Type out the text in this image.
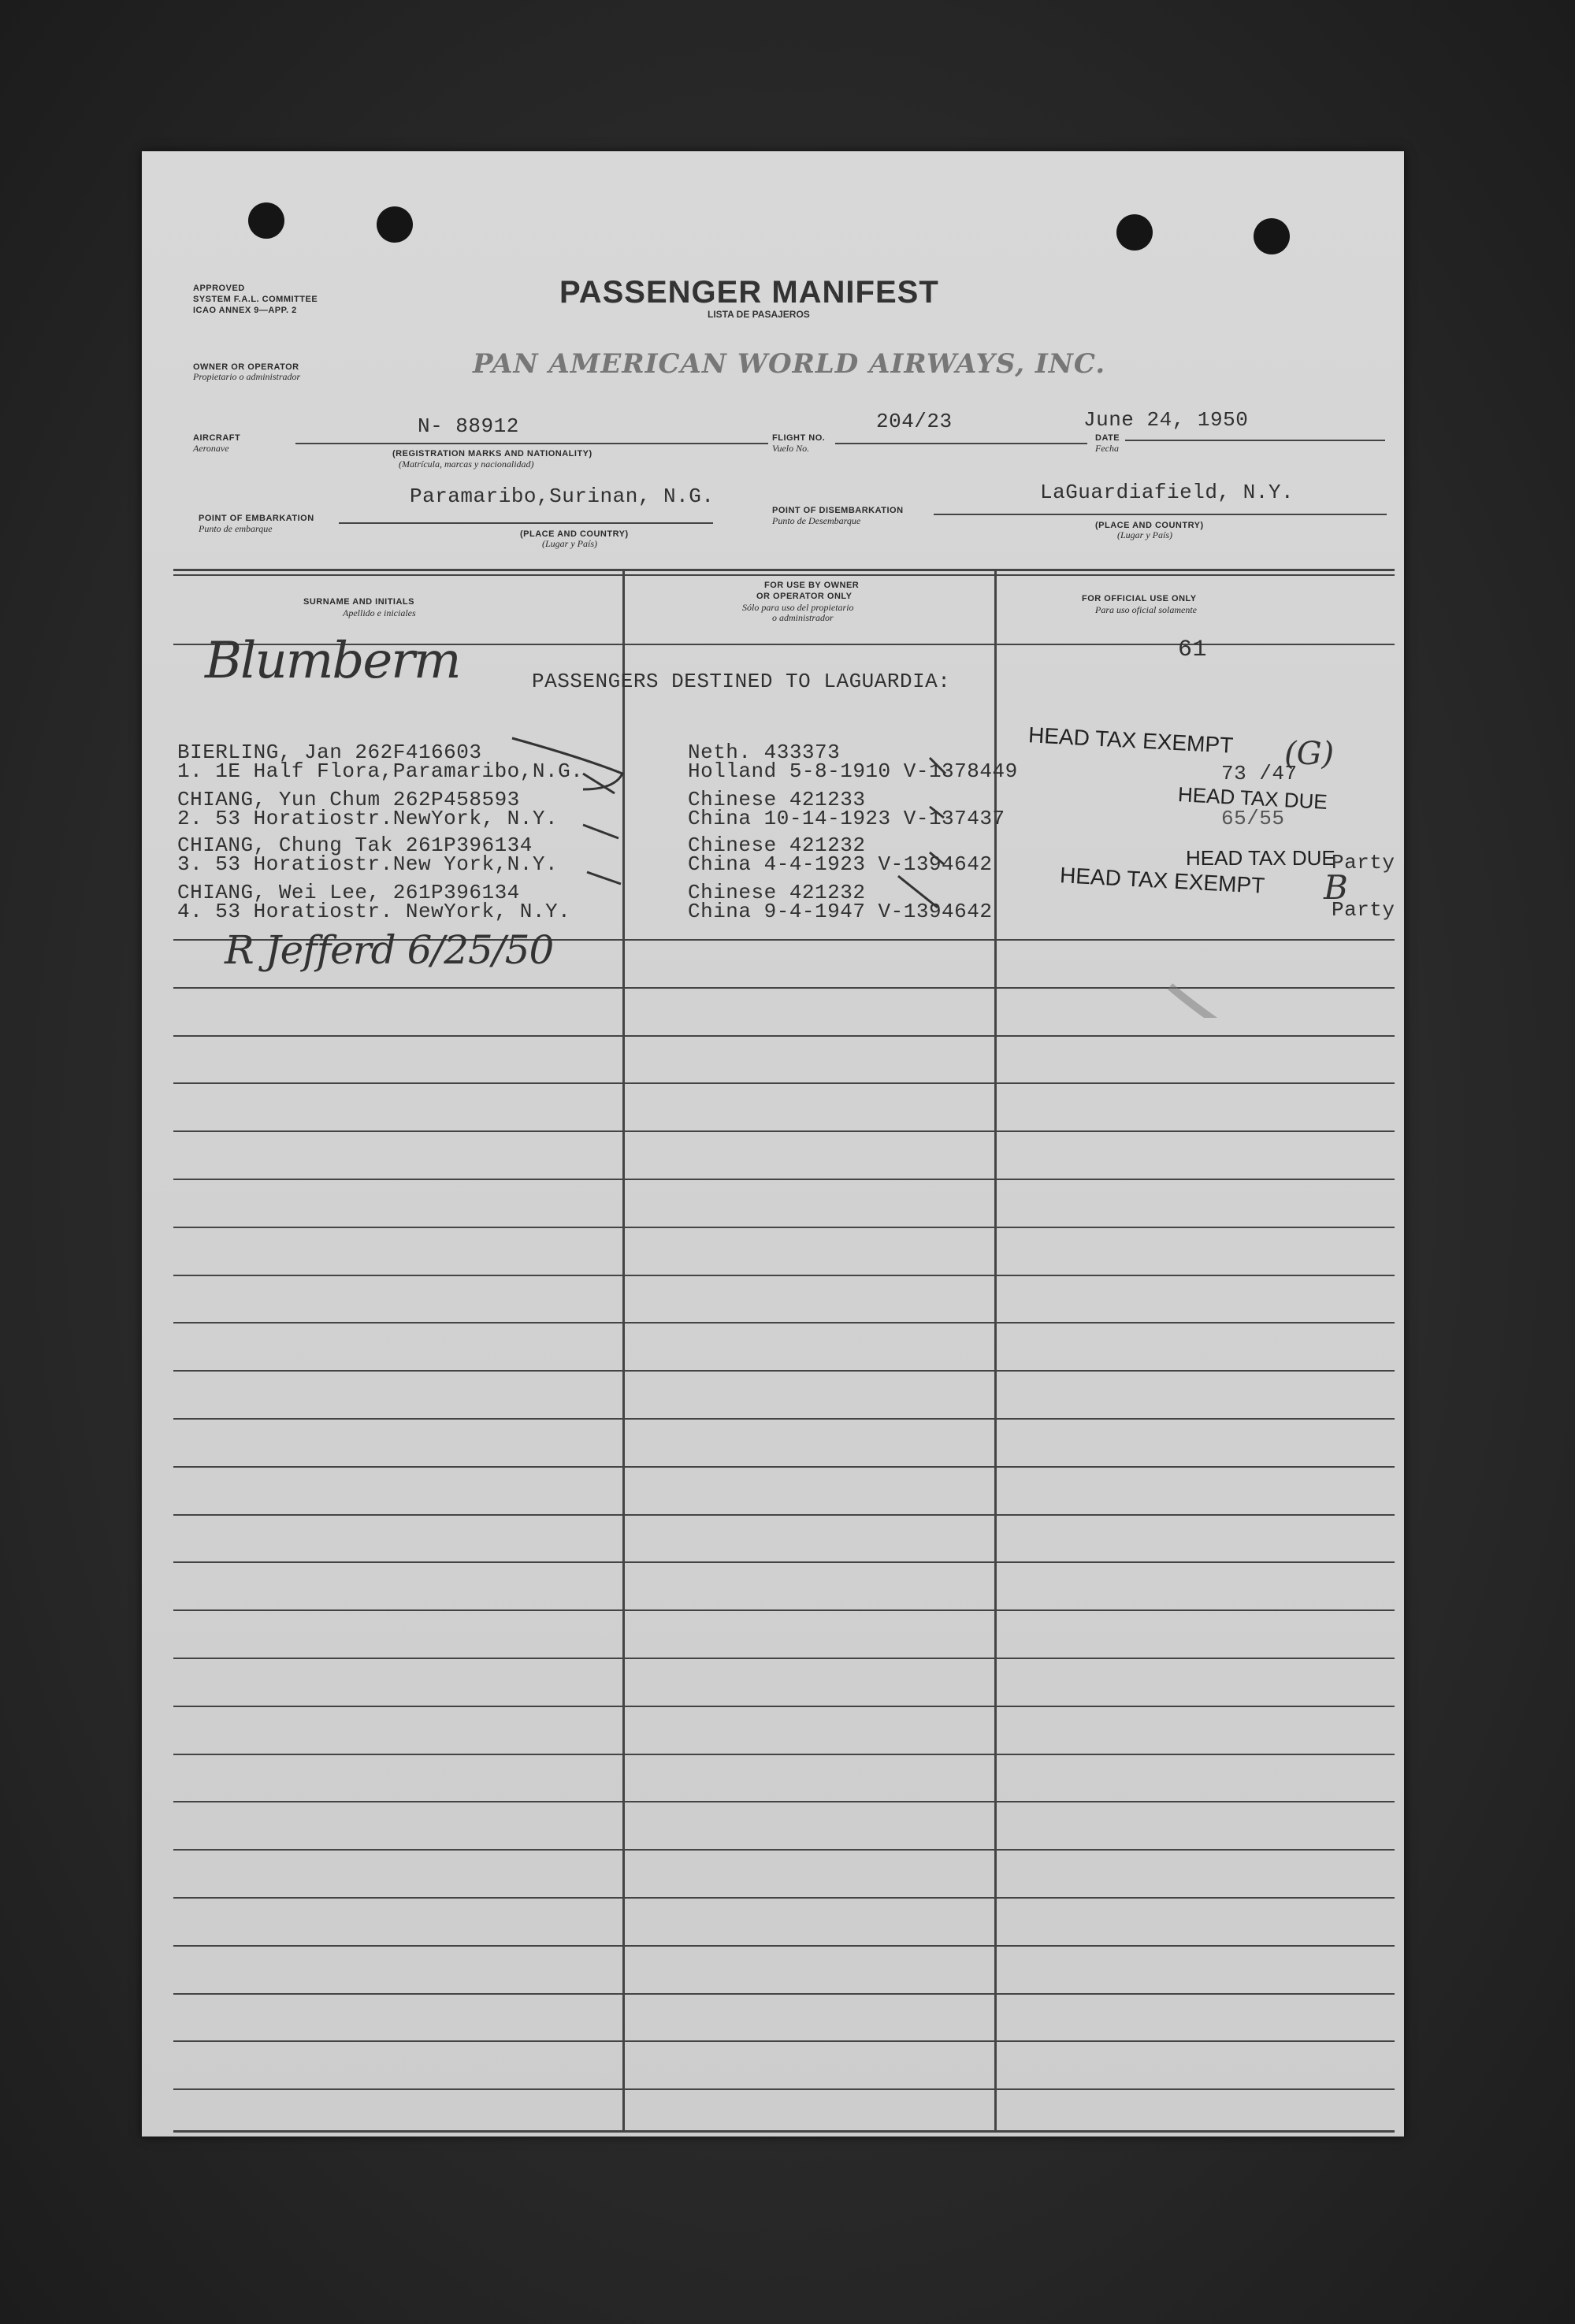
APPROVED
SYSTEM F.A.L. COMMITTEE
ICAO ANNEX 9—APP. 2
PASSENGER MANIFEST
LISTA DE PASAJEROS
OWNER OR OPERATOR
Propietario o administrador	PAN AMERICAN WORLD AIRWAYS, INC.
AIRCRAFT
Aeronave
N- 88912
(REGISTRATION MARKS AND NATIONALITY)
(Matrícula, marcas y nacionalidad)
FLIGHT NO.
Vuelo No.
204/23
DATE
Fecha
June 24, 1950
POINT OF EMBARKATION
Punto de embarque
Paramaribo,Surinan, N.G.
(PLACE AND COUNTRY)
(Lugar y País)
POINT OF DISEMBARKATION
Punto de Desembarque
LaGuardiafield, N.Y.
(PLACE AND COUNTRY)
(Lugar y País)
SURNAME AND INITIALS
Apellido e iniciales
FOR USE BY OWNER
OR OPERATOR ONLY
Sólo para uso del propietario
o administrador
FOR OFFICIAL USE ONLY
Para uso oficial solamente
61
Blumberm	PASSENGERS DESTINED TO LAGUARDIA:
BIERLING, Jan 262F416603
1. 1E Half Flora,Paramaribo,N.G.
Neth. 433373
Holland 5-8-1910 V-1378449
CHIANG, Yun Chum 262P458593
2. 53 Horatiostr.NewYork, N.Y.
Chinese 421233
China 10-14-1923 V-137437
CHIANG, Chung Tak 261P396134
3. 53 Horatiostr.New York,N.Y.
Chinese 421232
China 4-4-1923 V-1394642
CHIANG, Wei Lee, 261P396134
4. 53 Horatiostr. NewYork, N.Y.
Chinese 421232
China 9-4-1947 V-1394642
HEAD TAX EXEMPT (G)
73 /47
HEAD TAX DUE
65/55
HEAD TAX DUE
Party
HEAD TAX EXEMPT B
Party
R Jefferd 6/25/50
